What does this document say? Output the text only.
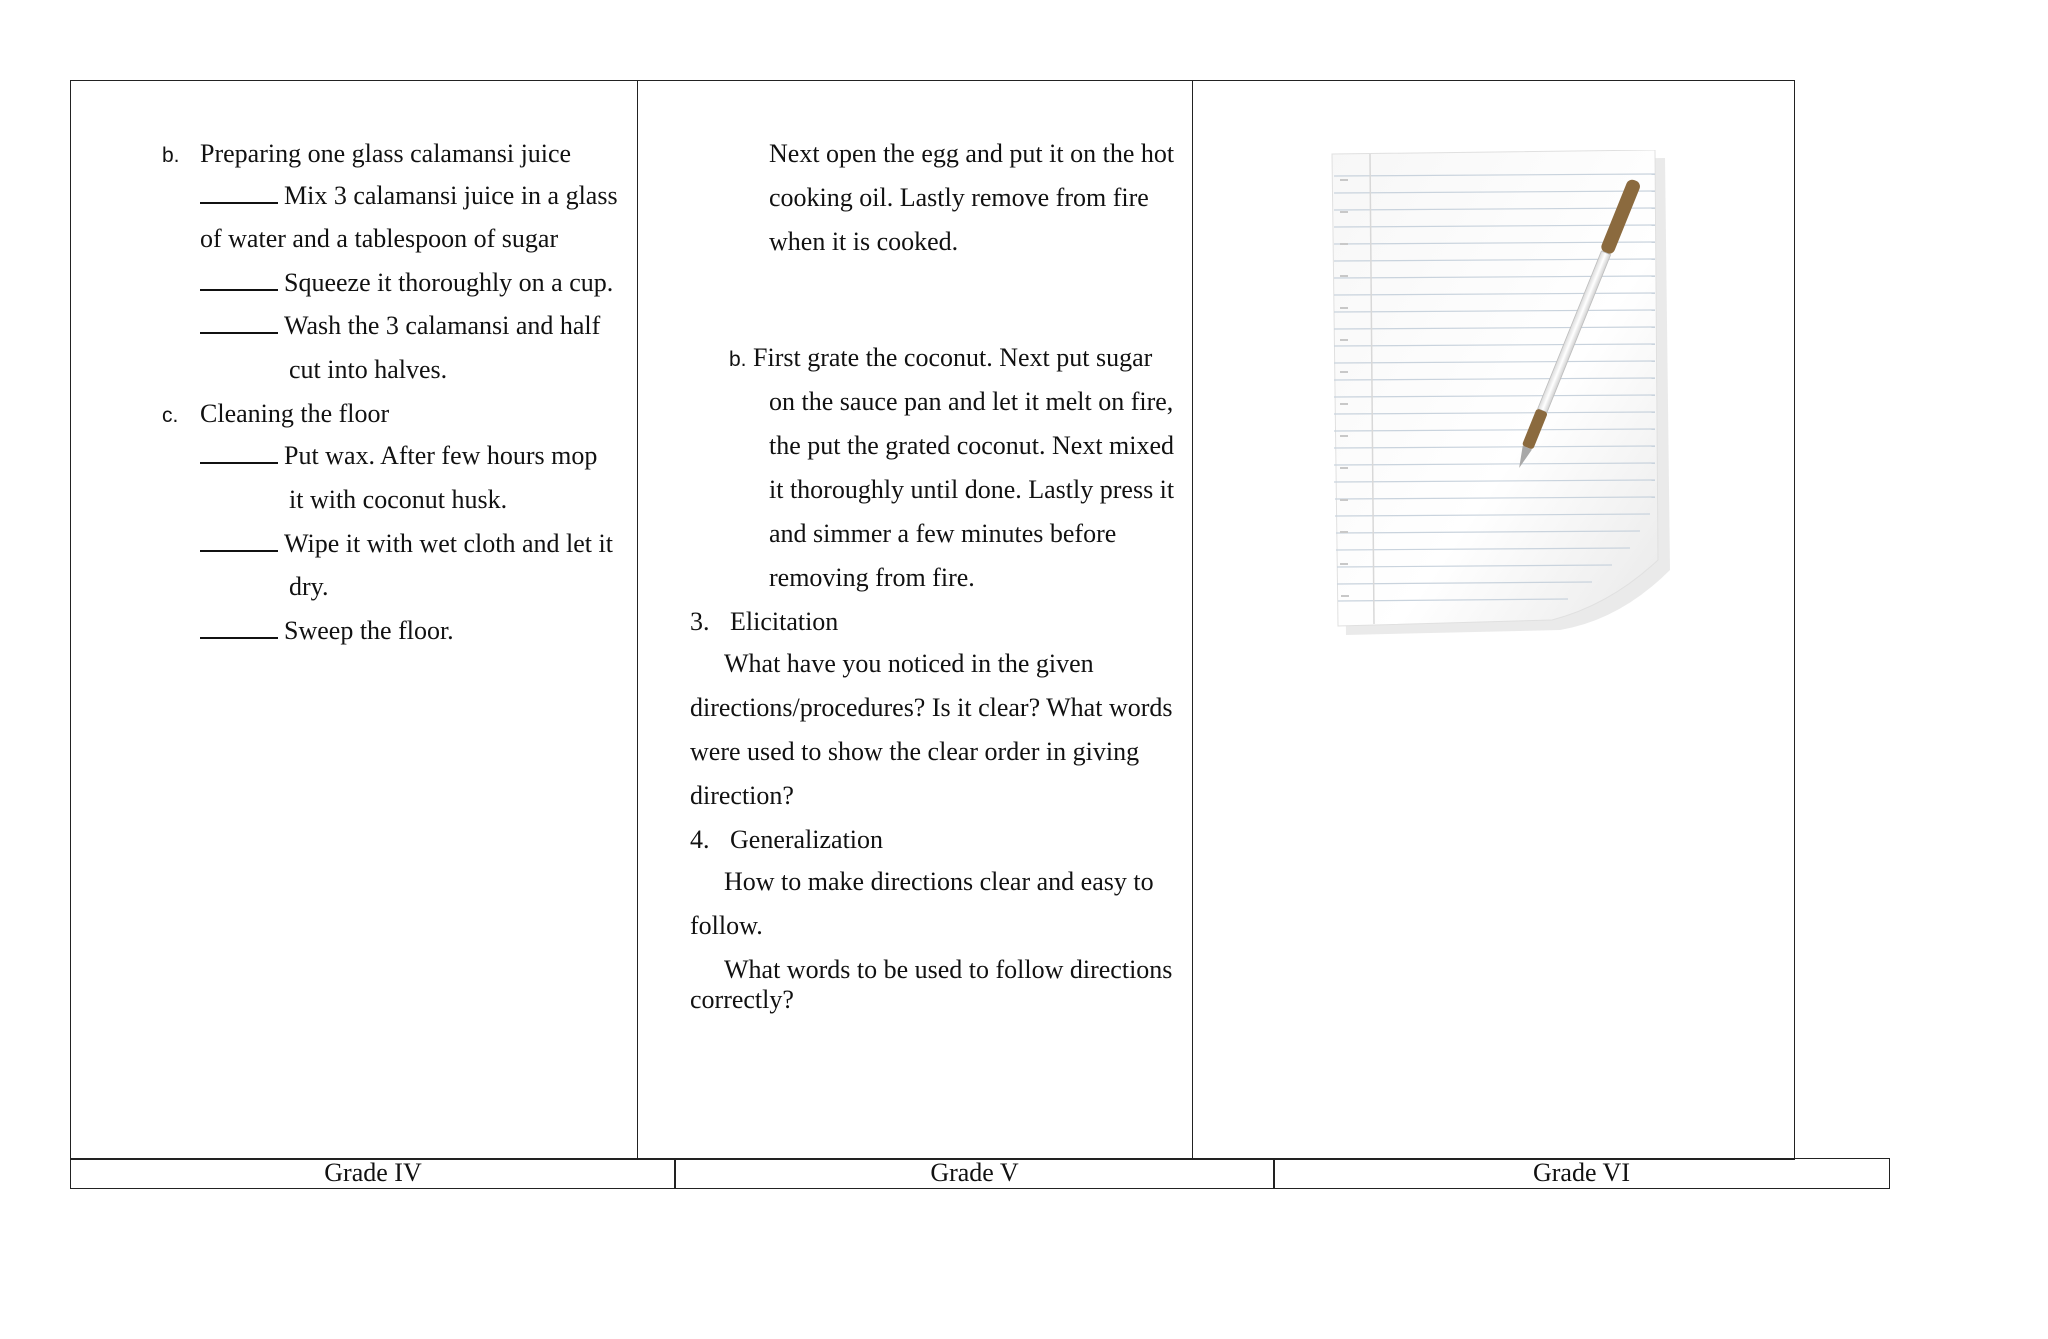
b. Preparing one glass calamansi juice
Mix 3 calamansi juice in a glass
of water and a tablespoon of sugar
Squeeze it thoroughly on a cup.
Wash the 3 calamansi and half
cut into halves.
c. Cleaning the floor
Put wax. After few hours mop
it with coconut husk.
Wipe it with wet cloth and let it
dry.
Sweep the floor.
Next open the egg and put it on the hot
cooking oil. Lastly remove from fire
when it is cooked.
b. First grate the coconut. Next put sugar
on the sauce pan and let it melt on fire,
the put the grated coconut. Next mixed
it thoroughly until done. Lastly press it
and simmer a few minutes before
removing from fire.
3. Elicitation
What have you noticed in the given
directions/procedures? Is it clear? What words
were used to show the clear order in giving
direction?
4. Generalization
How to make directions clear and easy to
follow.
What words to be used to follow directions
correctly?
Grade IV	Grade V	Grade VI
